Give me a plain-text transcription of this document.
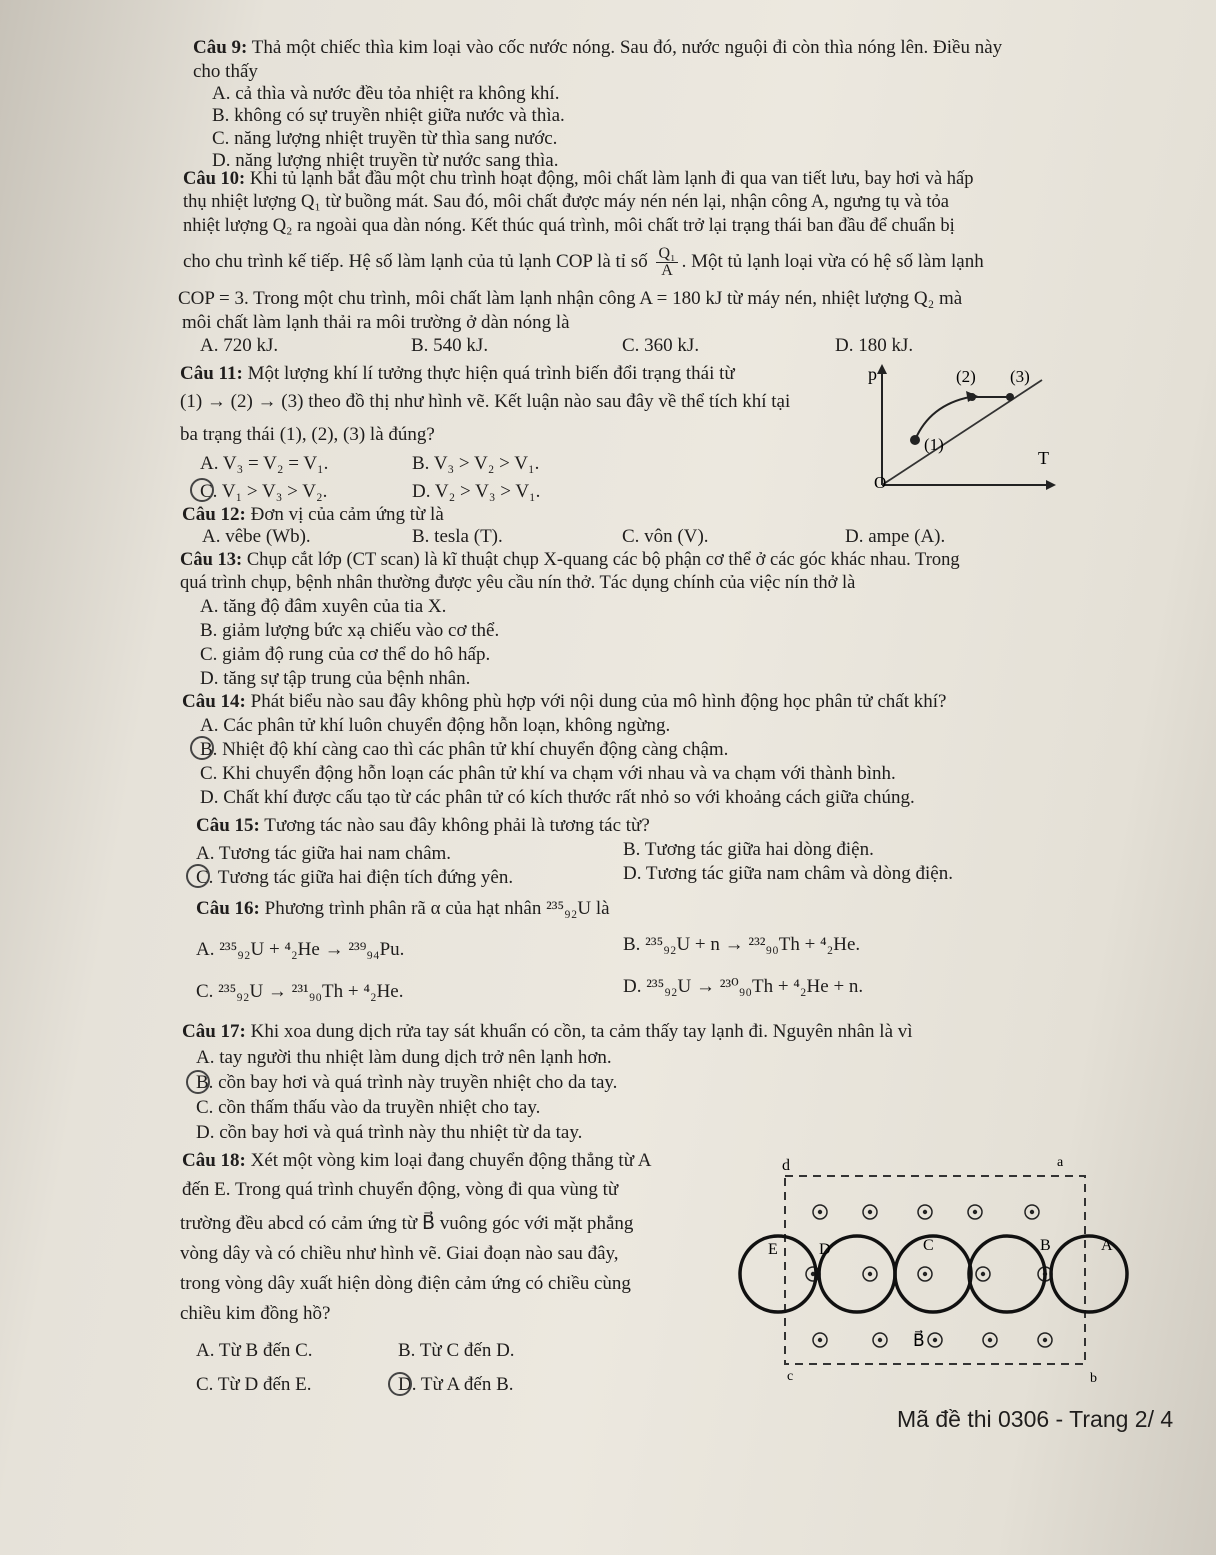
Câu 9: Thả một chiếc thìa kim loại vào cốc nước nóng. Sau đó, nước nguội đi còn thìa nóng lên. Điều này
cho thấy
A. cả thìa và nước đều tỏa nhiệt ra không khí.
B. không có sự truyền nhiệt giữa nước và thìa.
C. năng lượng nhiệt truyền từ thìa sang nước.
D. năng lượng nhiệt truyền từ nước sang thìa.
Câu 10: Khi tủ lạnh bắt đầu một chu trình hoạt động, môi chất làm lạnh đi qua van tiết lưu, bay hơi và hấp
thụ nhiệt lượng Q₁ từ buồng mát. Sau đó, môi chất được máy nén nén lại, nhận công A, ngưng tụ và tỏa
nhiệt lượng Q₂ ra ngoài qua dàn nóng. Kết thúc quá trình, môi chất trở lại trạng thái ban đầu để chuẩn bị
cho chu trình kế tiếp. Hệ số làm lạnh của tủ lạnh COP là tỉ số $\frac{\text{Q₁}}{A}$ . Một tủ lạnh loại vừa có hệ số làm lạnh
COP = 3. Trong một chu trình, môi chất làm lạnh nhận công A = 180 kJ từ máy nén, nhiệt lượng Q₂ mà
môi chất làm lạnh thải ra môi trường ở dàn nóng là
A. 720 kJ.	B. 540 kJ.	C. 360 kJ.	D. 180 kJ.
Câu 11: Một lượng khí lí tưởng thực hiện quá trình biến đổi trạng thái từ
(1) → (2) → (3) theo đồ thị như hình vẽ. Kết luận nào sau đây về thể tích khí tại
ba trạng thái (1), (2), (3) là đúng?
A. V₃ = V₂ = V₁.	B. V₃ > V₂ > V₁.
C. V₁ > V₃ > V₂.	D. V₂ > V₃ > V₁.
p
T
O
(1)
(2) (3)
Câu 12: Đơn vị của cảm ứng từ là
A. vêbe (Wb).	B. tesla (T).	C. vôn (V).	D. ampe (A).
Câu 13: Chụp cắt lớp (CT scan) là kĩ thuật chụp X-quang các bộ phận cơ thể ở các góc khác nhau. Trong
quá trình chụp, bệnh nhân thường được yêu cầu nín thở. Tác dụng chính của việc nín thở là
A. tăng độ đâm xuyên của tia X.
B. giảm lượng bức xạ chiếu vào cơ thể.
C. giảm độ rung của cơ thể do hô hấp.
D. tăng sự tập trung của bệnh nhân.
Câu 14: Phát biểu nào sau đây không phù hợp với nội dung của mô hình động học phân tử chất khí?
A. Các phân tử khí luôn chuyển động hỗn loạn, không ngừng.
B. Nhiệt độ khí càng cao thì các phân tử khí chuyển động càng chậm.
C. Khi chuyển động hỗn loạn các phân tử khí va chạm với nhau và va chạm với thành bình.
D. Chất khí được cấu tạo từ các phân tử có kích thước rất nhỏ so với khoảng cách giữa chúng.
Câu 15: Tương tác nào sau đây không phải là tương tác từ?
A. Tương tác giữa hai nam châm.	B. Tương tác giữa hai dòng điện.
C. Tương tác giữa hai điện tích đứng yên.	D. Tương tác giữa nam châm và dòng điện.
Câu 16: Phương trình phân rã α của hạt nhân ²³⁵₉₂U là
A. ²³⁵₉₂U + ⁴₂He → ²³⁹₉₄Pu.	B. ²³⁵₉₂U + n → ²³²₉₀Th + ⁴₂He.
C. ²³⁵₉₂U → ²³¹₉₀Th + ⁴₂He.	D. ²³⁵₉₂U → ²³⁰₉₀Th + ⁴₂He + n.
Câu 17: Khi xoa dung dịch rửa tay sát khuẩn có cồn, ta cảm thấy tay lạnh đi. Nguyên nhân là vì
A. tay người thu nhiệt làm dung dịch trở nên lạnh hơn.
B. cồn bay hơi và quá trình này truyền nhiệt cho da tay.
C. cồn thấm thấu vào da truyền nhiệt cho tay.
D. cồn bay hơi và quá trình này thu nhiệt từ da tay.
Câu 18: Xét một vòng kim loại đang chuyển động thẳng từ A
đến E. Trong quá trình chuyển động, vòng đi qua vùng từ
trường đều abcd có cảm ứng từ B⃗ vuông góc với mặt phẳng
vòng dây và có chiều như hình vẽ. Giai đoạn nào sau đây,
trong vòng dây xuất hiện dòng điện cảm ứng có chiều cùng
chiều kim đồng hồ?
A. Từ B đến C.	B. Từ C đến D.
C. Từ D đến E.	D. Từ A đến B.
d	a
c	b
B⃗
E	D	C	B	A
Mã đề thi 0306 - Trang 2/ 4
